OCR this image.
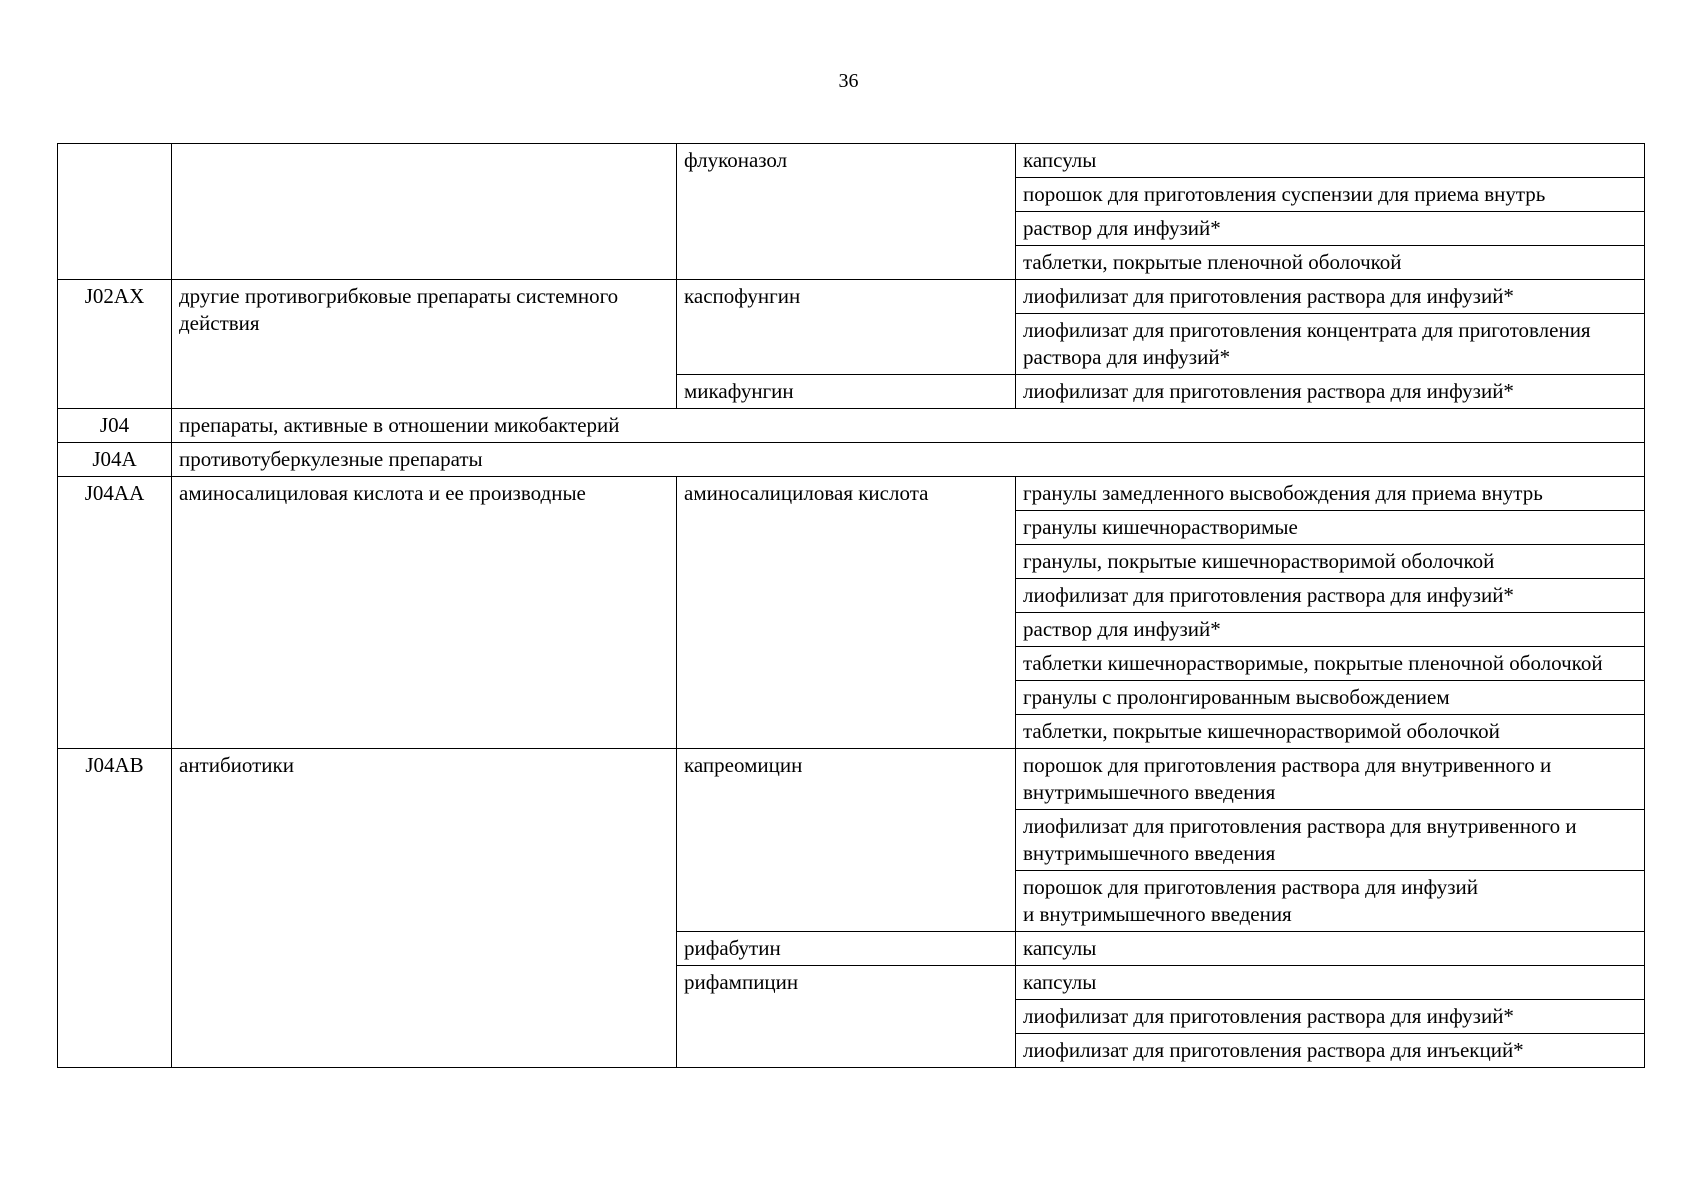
36
		флуконазол	капсулы
			порошок для приготовления суспензии для приема внутрь
			раствор для инфузий*
			таблетки, покрытые пленочной оболочкой
J02AX	другие противогрибковые препараты системного действия	каспофунгин	лиофилизат для приготовления раствора для инфузий*
			лиофилизат для приготовления концентрата для приготовления раствора для инфузий*
		микафунгин	лиофилизат для приготовления раствора для инфузий*
J04	препараты, активные в отношении микобактерий		
J04A	противотуберкулезные препараты		
J04AA	аминосалициловая кислота и ее производные	аминосалициловая кислота	гранулы замедленного высвобождения для приема внутрь
			гранулы кишечнорастворимые
			гранулы, покрытые кишечнорастворимой оболочкой
			лиофилизат для приготовления раствора для инфузий*
			раствор для инфузий*
			таблетки кишечнорастворимые, покрытые пленочной оболочкой
			гранулы с пролонгированным высвобождением
			таблетки, покрытые кишечнорастворимой оболочкой
J04AB	антибиотики	капреомицин	порошок для приготовления раствора для внутривенного и внутримышечного введения
			лиофилизат для приготовления раствора для внутривенного и внутримышечного введения
			порошок для приготовления раствора для инфузий
и внутримышечного введения
		рифабутин	капсулы
		рифампицин	капсулы
			лиофилизат для приготовления раствора для инфузий*
			лиофилизат для приготовления раствора для инъекций*
